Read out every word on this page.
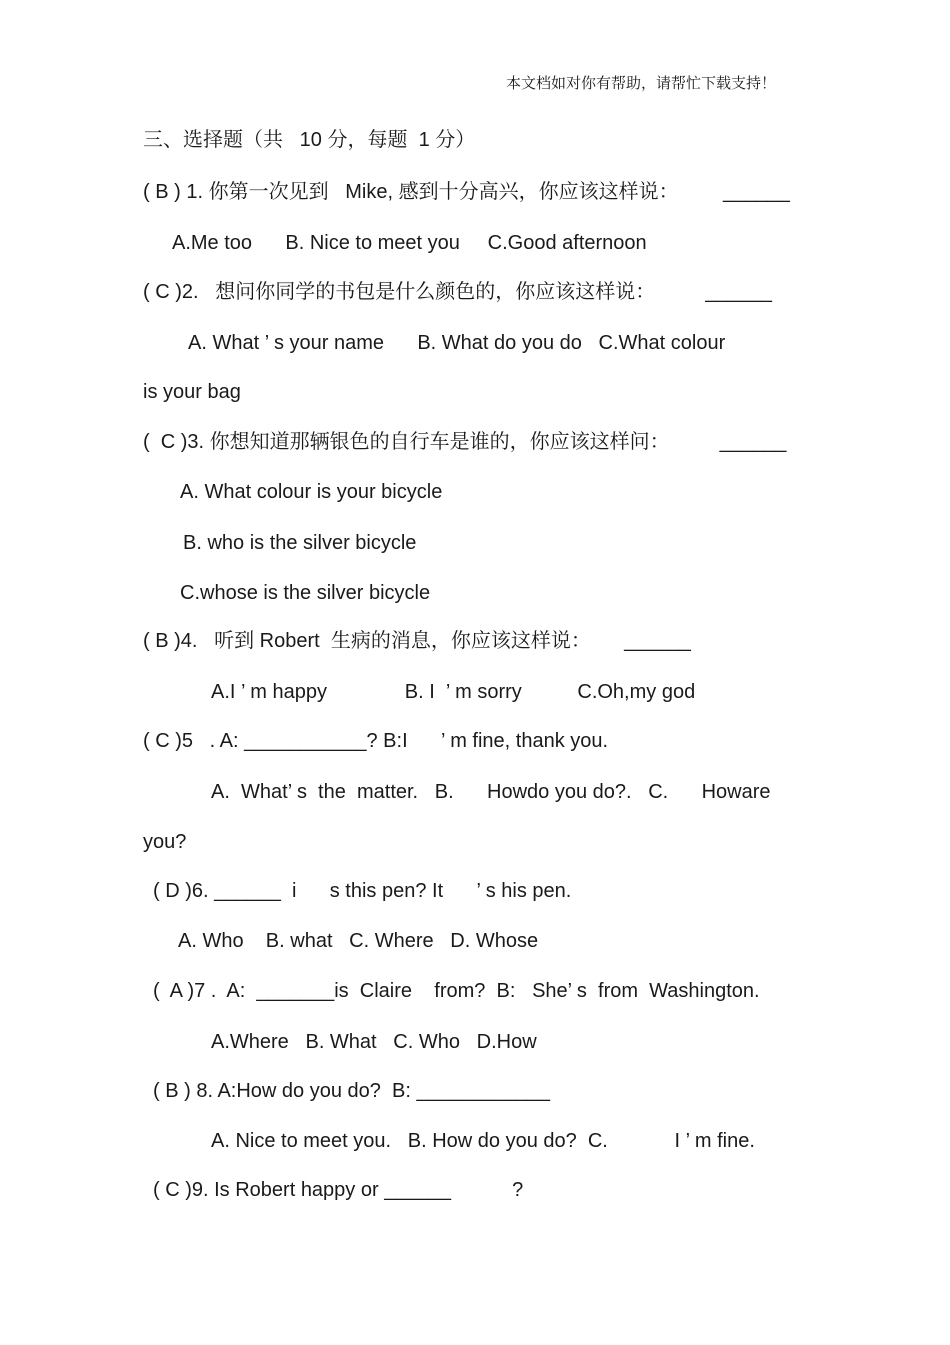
本文档如对你有帮助，请帮忙下载支持！
三、选择题（共   10 分，每题  1 分）
( B ) 1. 你第一次见到   Mike, 感到十分高兴，你应该这样说：        ______
A.Me too      B. Nice to meet you     C.Good afternoon
( C )2.   想问你同学的书包是什么颜色的，你应该这样说：         ______
A. What ’ s your name      B. What do you do   C.What colour
is your bag
(  C )3. 你想知道那辆银色的自行车是谁的，你应该这样问：         ______
A. What colour is your bicycle
B. who is the silver bicycle
C.whose is the silver bicycle
( B )4.   听到 Robert  生病的消息，你应该这样说：      ______
A.I ’ m happy              B. I  ’ m sorry          C.Oh,my god
( C )5   . A: ___________? B:I      ’ m fine, thank you.
A.  What’ s  the  matter.   B.      Howdo you do?.   C.      Howare
you?
( D )6. ______  i      s this pen? It      ’ s his pen.
A. Who    B. what   C. Where   D. Whose
(  A )7 .  A:  _______is  Claire    from?  B:   She’ s  from  Washington.
A.Where   B. What   C. Who   D.How
( B ) 8. A:How do you do?  B: ____________
A. Nice to meet you.   B. How do you do?  C.            I ’ m fine.
( C )9. Is Robert happy or ______           ?
